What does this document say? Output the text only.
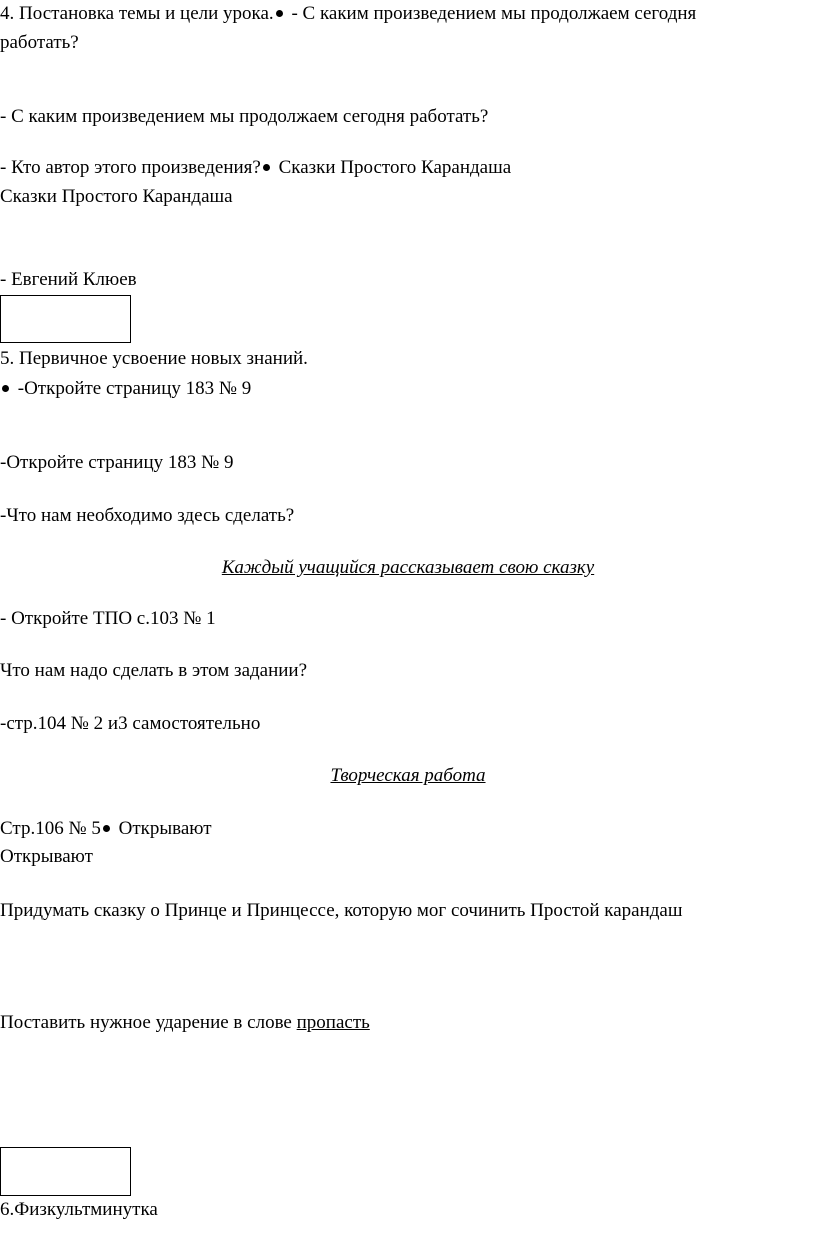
4. Постановка темы и цели урока. - С каким произведением мы продолжаем сегодня
работать?
- С каким произведением мы продолжаем сегодня работать?
- Кто автор этого произведения? Сказки Простого Карандаша
Сказки Простого Карандаша
- Евгений Клюев
5. Первичное усвоение новых знаний.
-Откройте страницу 183 № 9
-Откройте страницу 183 № 9
-Что нам необходимо здесь сделать?
Каждый учащийся рассказывает свою сказку
- Откройте ТПО с.103 № 1
Что нам надо сделать в этом задании?
-стр.104 № 2 и3 самостоятельно
Творческая работа
Стр.106 № 5 Открывают
Открывают
Придумать сказку о Принце и Принцессе, которую мог сочинить Простой карандаш
Поставить нужное ударение в слове пропасть
6.Физкультминутка
